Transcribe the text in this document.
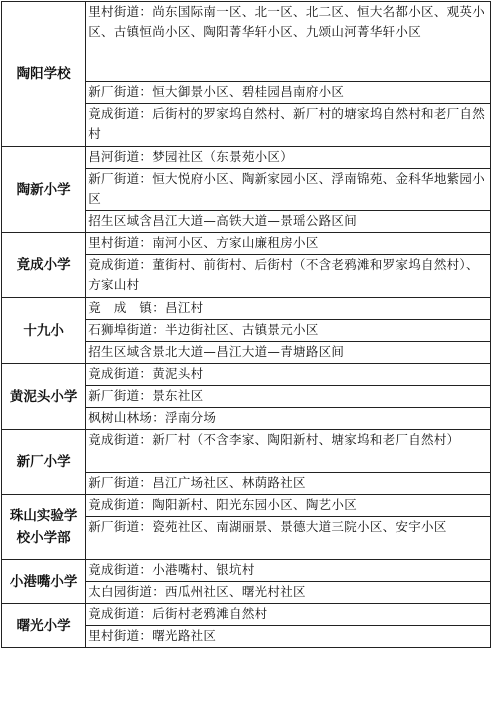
陶阳学校	里村街道：尚东国际南一区、北一区、北二区、恒大名都小区、观英小区、古镇恒尚小区、陶阳菁华轩小区、九颂山河菁华轩小区
	新厂街道：恒大御景小区、碧桂园昌南府小区
	竟成街道：后街村的罗家坞自然村、新厂村的塘家坞自然村和老厂自然村
陶新小学	昌河街道：梦园社区（东景苑小区）
	新厂街道：恒大悦府小区、陶新家园小区、浮南锦苑、金科华地紫园小区
	招生区域含昌江大道—高铁大道—景瑶公路区间
竟成小学	里村街道：南河小区、方家山廉租房小区
	竟成街道：董街村、前街村、后街村（不含老鸦滩和罗家坞自然村）、方家山村
十九小	竟　成　镇：昌江村
	石狮埠街道：半边街社区、古镇景元小区
	招生区域含景北大道—昌江大道—青塘路区间
黄泥头小学	竟成街道：黄泥头村
	新厂街道：景东社区
	枫树山林场：浮南分场
新厂小学	竟成街道：新厂村（不含李家、陶阳新村、塘家坞和老厂自然村）
	新厂街道：昌江广场社区、林荫路社区
珠山实验学校小学部	竟成街道：陶阳新村、阳光东园小区、陶艺小区
	新厂街道：瓷苑社区、南湖丽景、景德大道三院小区、安宇小区
小港嘴小学	竟成街道：小港嘴村、银坑村
	太白园街道：西瓜州社区、曙光村社区
曙光小学	竟成街道：后街村老鸦滩自然村
	里村街道：曙光路社区
